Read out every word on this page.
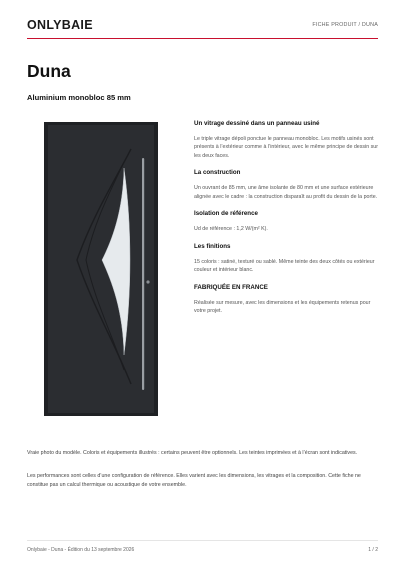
ONLYBAIE	FICHE PRODUIT / DUNA
Duna
Aluminium monobloc 85 mm
Un vitrage dessiné dans un panneau usiné

Le triple vitrage dépoli ponctue le panneau monobloc. Les motifs usinés sont présents à l’extérieur comme à l’intérieur, avec le même principe de dessin sur les deux faces.

La construction

Un ouvrant de 85 mm, une âme isolante de 80 mm et une surface extérieure alignée avec le cadre : la construction disparaît au profit du dessin de la porte.

Isolation de référence

Ud de référence : 1,2 W/(m² K).

Les finitions

15 coloris : satiné, texturé ou sablé. Même teinte des deux côtés ou extérieur couleur et intérieur blanc.

FABRIQUÉE EN FRANCE

Réalisée sur mesure, avec les dimensions et les équipements retenus pour votre projet.

Vraie photo du modèle. Coloris et équipements illustrés : certains peuvent être optionnels. Les teintes imprimées et à l’écran sont indicatives.

Les performances sont celles d’une configuration de référence. Elles varient avec les dimensions, les vitrages et la composition. Cette fiche ne constitue pas un calcul thermique ou acoustique de votre ensemble.

Onlybaie - Duna - Édition du 13 septembre 2026	1 / 2
